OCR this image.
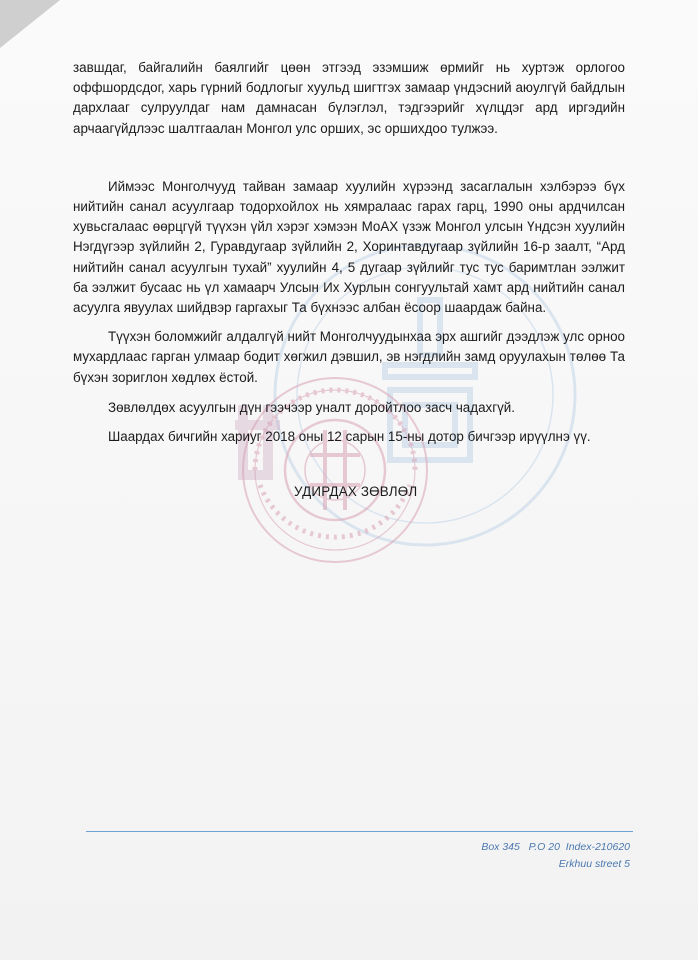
завшдаг, байгалийн баялгийг цөөн этгээд эзэмшиж өрмийг нь хуртэж орлогоо оффшордсдог, харь гүрний бодлогыг хуульд шигтгэх замаар үндэсний аюулгүй байдлын дархлааг сулруулдаг нам дамнасан бүлэглэл, тэдгээрийг хүлцдэг ард иргэдийн арчаагүйдлээс шалтгаалан Монгол улс орших, эс оршихдоо тулжээ.

Иймээс Монголчууд тайван замаар хуулийн хүрээнд засаглалын хэлбэрээ бүх нийтийн санал асуулгаар тодорхойлох нь хямралаас гарах гарц, 1990 оны ардчилсан хувьсгалаас өөрцгүй түүхэн үйл хэрэг хэмээн МоАХ үзэж Монгол улсын Үндсэн хуулийн Нэгдүгээр зүйлийн 2, Гуравдугаар зүйлийн 2, Хоринтавдугаар зүйлийн 16-р заалт, “Ард нийтийн санал асуулгын тухай” хуулийн 4, 5 дугаар зүйлийг тус тус баримтлан ээлжит ба ээлжит бусаас нь үл хамаарч Улсын Их Хурлын сонгуультай хамт ард нийтийн санал асуулга явуулах шийдвэр гаргахыг Та бүхнээс албан ёсоор шаардаж байна.

Түүхэн боломжийг алдалгүй нийт Монголчуудынхаа эрх ашгийг дээдлэж улс орноо мухардлаас гарган улмаар бодит хөгжил дэвшил, эв нэгдлийн замд оруулахын төлөө Та бүхэн зориглон хөдлөх ёстой.

Зөвлөлдөх асуулгын дүн гээчээр уналт доройтлоо засч чадахгүй.

Шаардах бичгийн хариуг 2018 оны 12 сарын 15-ны дотор бичгээр ирүүлнэ үү.

УДИРДАХ ЗӨВЛӨЛ
Box 345   P.O 20  Index-210620
Erkhuu street 5
